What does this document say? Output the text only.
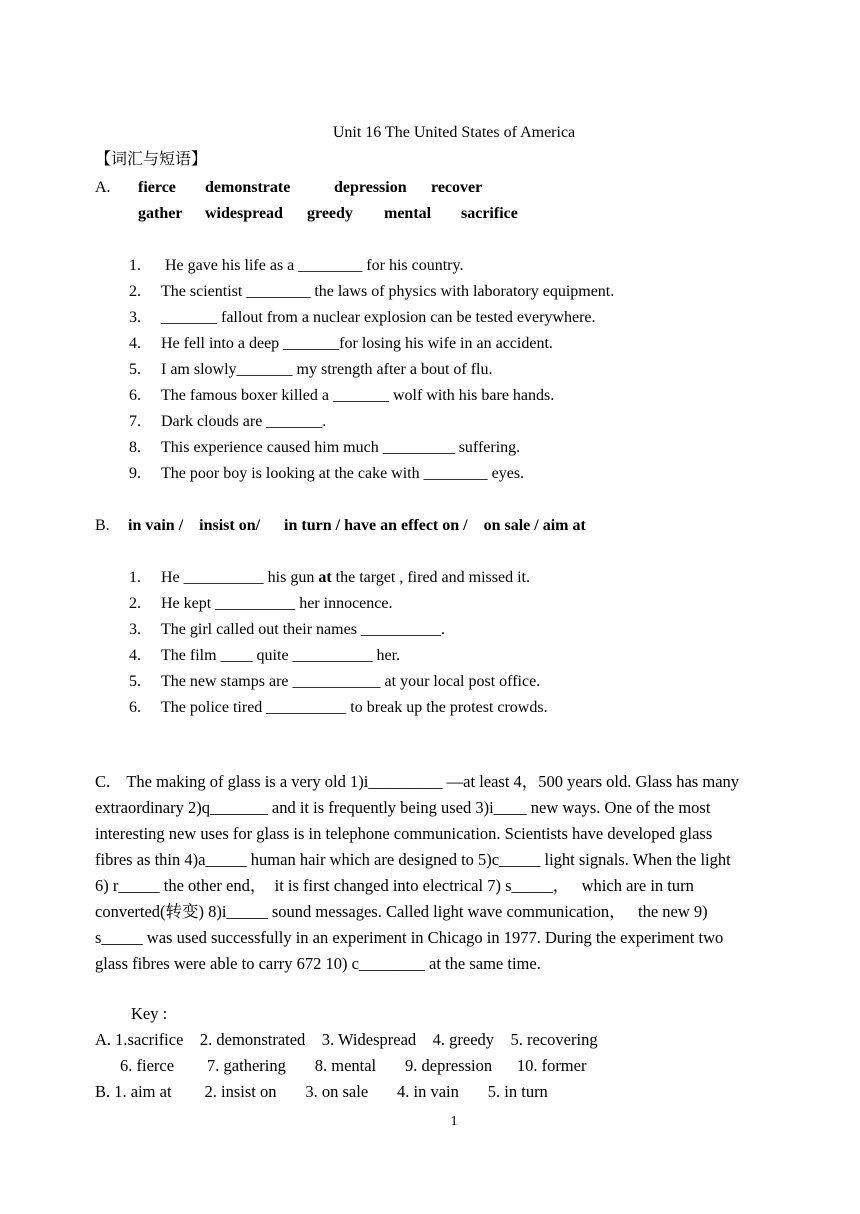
Unit 16 The United States of America
【词汇与短语】
A. fierce demonstrate	depression recover
gather widespread greedy mental sacrifice
1. He gave his life as a ________ for his country.
2. The scientist ________ the laws of physics with laboratory equipment.
3. _______ fallout from a nuclear explosion can be tested everywhere.
4. He fell into a deep _______for losing his wife in an accident.
5. I am slowly_______ my strength after a bout of flu.
6. The famous boxer killed a _______ wolf with his bare hands.
7. Dark clouds are _______.
8. This experience caused him much _________ suffering.
9. The poor boy is looking at the cake with ________ eyes.
B. in vain /    insist on/      in turn / have an effect on /    on sale / aim at
1. He __________ his gun at the target , fired and missed it.
2. He kept __________ her innocence.
3. The girl called out their names __________.
4. The film ____ quite __________ her.
5. The new stamps are ___________ at your local post office.
6. The police tired __________ to break up the protest crowds.
C.    The making of glass is a very old 1)i_________ —at least 4，500 years old. Glass has many
extraordinary 2)q_______ and it is frequently being used 3)i____ new ways. One of the most
interesting new uses for glass is in telephone communication. Scientists have developed glass
fibres as thin 4)a_____ human hair which are designed to 5)c_____ light signals. When the light
6) r_____ the other end，  it is first changed into electrical 7) s_____，   which are in turn
converted(转变) 8)i_____ sound messages. Called light wave communication，   the new 9)
s_____ was used successfully in an experiment in Chicago in 1977. During the experiment two
glass fibres were able to carry 672 10) c________ at the same time.
Key :
A. 1.sacrifice    2. demonstrated    3. Widespread    4. greedy    5. recovering
6. fierce        7. gathering       8. mental       9. depression      10. former
B. 1. aim at        2. insist on       3. on sale       4. in vain       5. in turn
1
